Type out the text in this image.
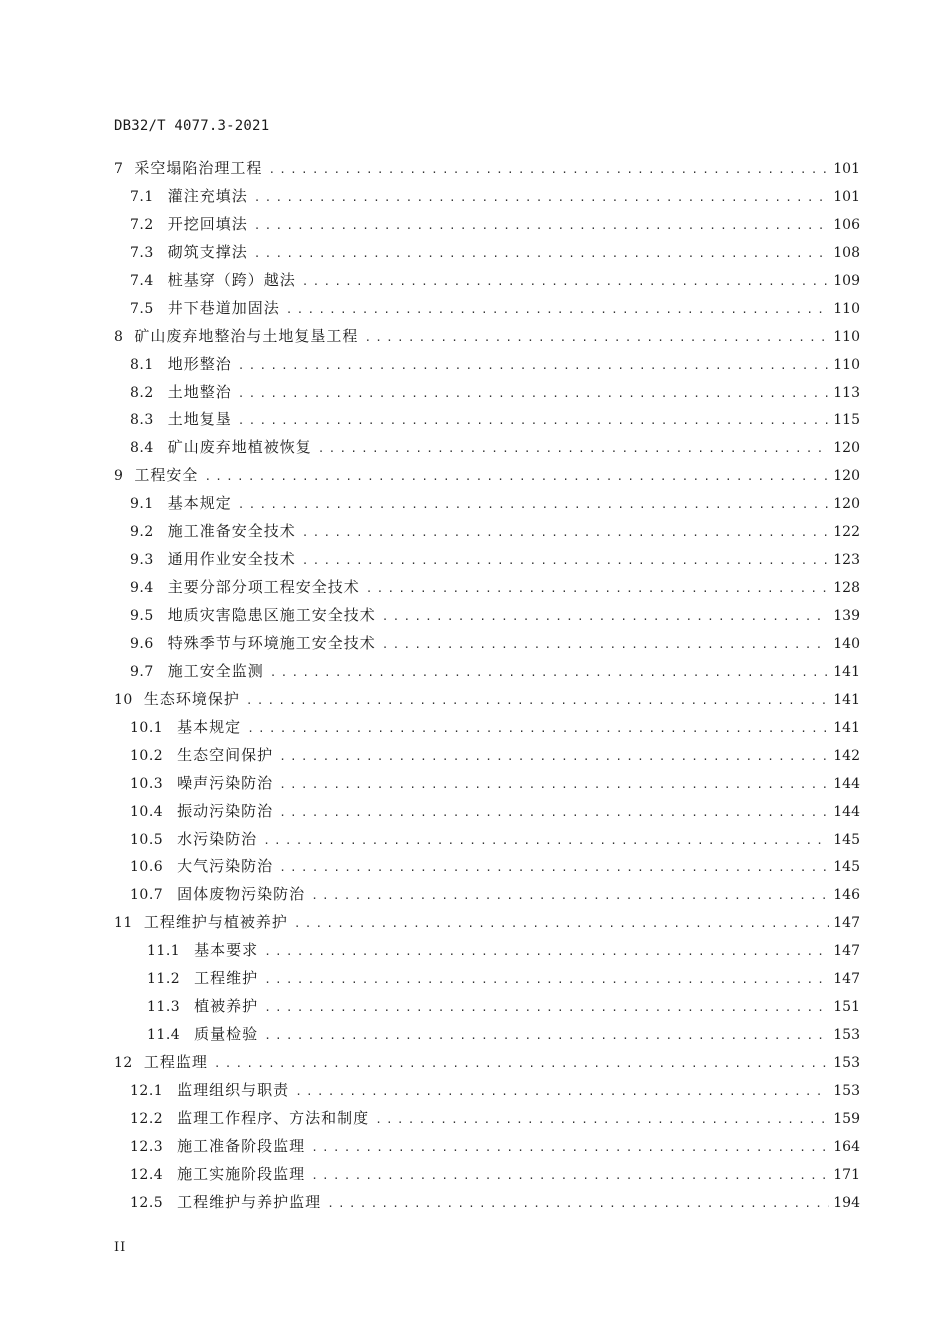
DB32/T 4077.3-2021
7 采空塌陷治理工程 . . .	101
7.1 灌注充填法 . . .	101
7.2 开挖回填法 . . .	106
7.3 砌筑支撑法 . . .	108
7.4 桩基穿（跨）越法 . . .	109
7.5 井下巷道加固法 . . .	110
8 矿山废弃地整治与土地复垦工程 . . .	110
8.1 地形整治 . . .	110
8.2 土地整治 . . .	113
8.3 土地复垦 . . .	115
8.4 矿山废弃地植被恢复 . . .	120
9 工程安全 . . .	120
9.1 基本规定 . . .	120
9.2 施工准备安全技术 . . .	122
9.3 通用作业安全技术 . . .	123
9.4 主要分部分项工程安全技术 . . .	128
9.5 地质灾害隐患区施工安全技术 . . .	139
9.6 特殊季节与环境施工安全技术 . . .	140
9.7 施工安全监测 . . .	141
10 生态环境保护 . . .	141
10.1 基本规定 . . .	141
10.2 生态空间保护 . . .	142
10.3 噪声污染防治 . . .	144
10.4 振动污染防治 . . .	144
10.5 水污染防治 . . .	145
10.6 大气污染防治 . . .	145
10.7 固体废物污染防治 . . .	146
11 工程维护与植被养护 . . .	147
11.1 基本要求 . . .	147
11.2 工程维护 . . .	147
11.3 植被养护 . . .	151
11.4 质量检验 . . .	153
12 工程监理 . . .	153
12.1 监理组织与职责 . . .	153
12.2 监理工作程序、方法和制度 . . .	159
12.3 施工准备阶段监理 . . .	164
12.4 施工实施阶段监理 . . .	171
12.5 工程维护与养护监理 . . .	194
II
